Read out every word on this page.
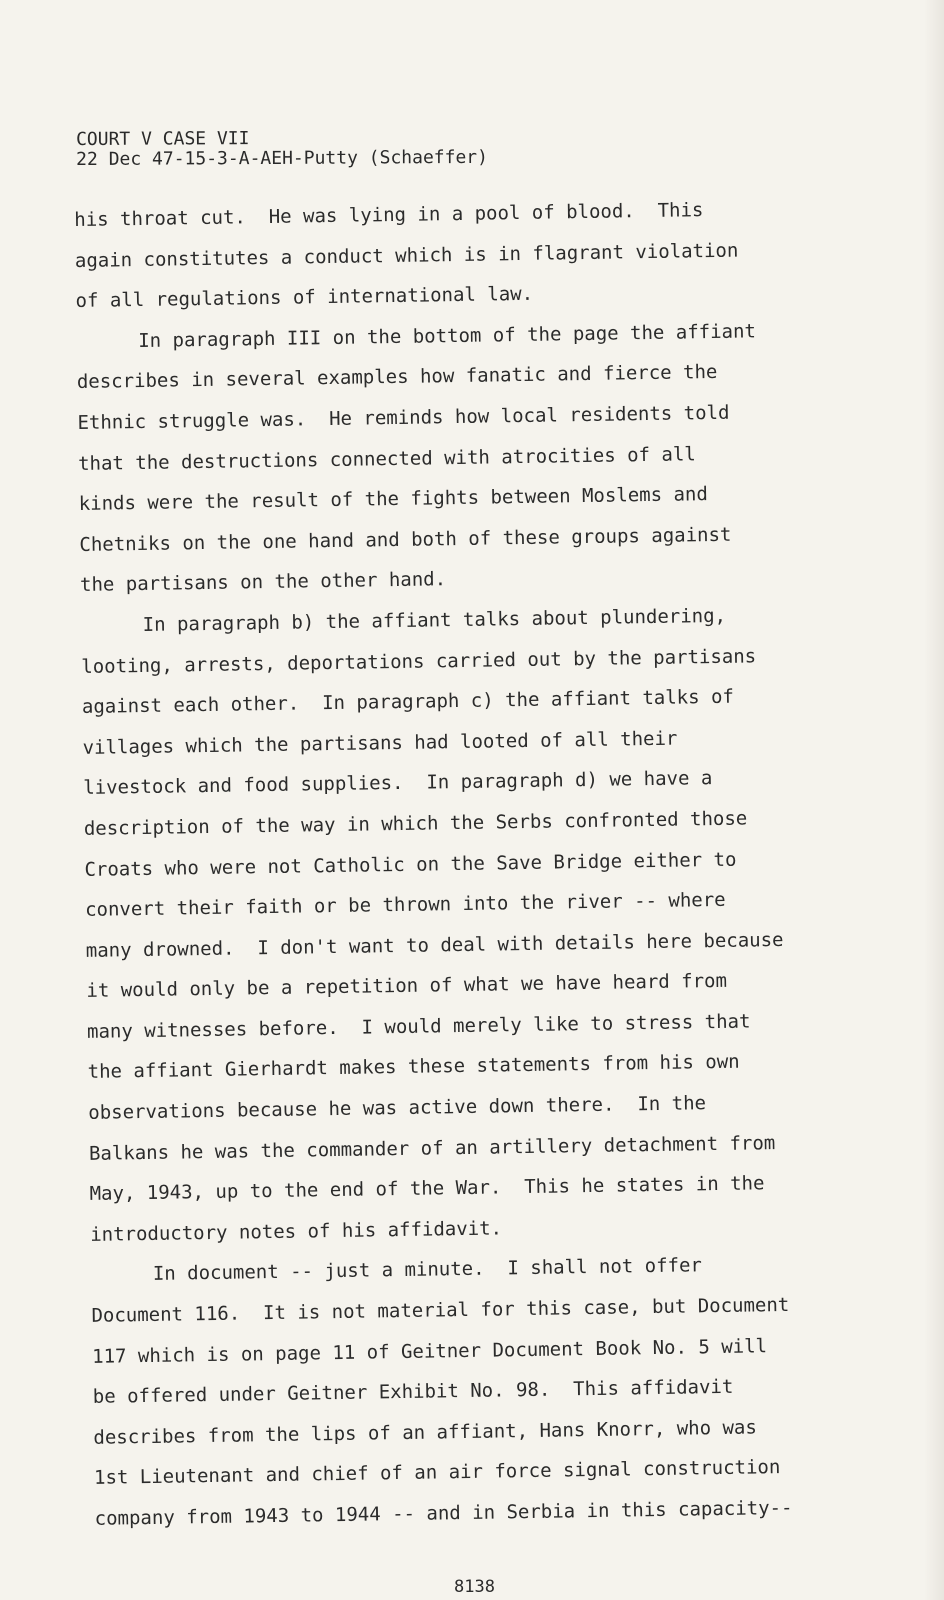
COURT V CASE VII
22 Dec 47-15-3-A-AEH-Putty (Schaeffer)
his throat cut.  He was lying in a pool of blood.  This
again constitutes a conduct which is in flagrant violation
of all regulations of international law.
In paragraph III on the bottom of the page the affiant
describes in several examples how fanatic and fierce the
Ethnic struggle was.  He reminds how local residents told
that the destructions connected with atrocities of all
kinds were the result of the fights between Moslems and
Chetniks on the one hand and both of these groups against
the partisans on the other hand.
In paragraph b) the affiant talks about plundering,
looting, arrests, deportations carried out by the partisans
against each other.  In paragraph c) the affiant talks of
villages which the partisans had looted of all their
livestock and food supplies.  In paragraph d) we have a
description of the way in which the Serbs confronted those
Croats who were not Catholic on the Save Bridge either to
convert their faith or be thrown into the river -- where
many drowned.  I don't want to deal with details here because
it would only be a repetition of what we have heard from
many witnesses before.  I would merely like to stress that
the affiant Gierhardt makes these statements from his own
observations because he was active down there.  In the
Balkans he was the commander of an artillery detachment from
May, 1943, up to the end of the War.  This he states in the
introductory notes of his affidavit.
In document -- just a minute.  I shall not offer
Document 116.  It is not material for this case, but Document
117 which is on page 11 of Geitner Document Book No. 5 will
be offered under Geitner Exhibit No. 98.  This affidavit
describes from the lips of an affiant, Hans Knorr, who was
1st Lieutenant and chief of an air force signal construction
company from 1943 to 1944 -- and in Serbia in this capacity--
8138
